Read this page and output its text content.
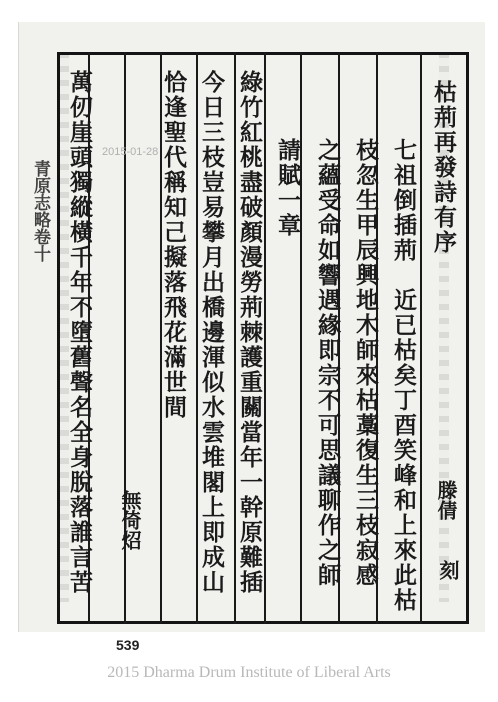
枯荊再發詩有序
七祖倒插荊　近已枯矣丁酉笑峰和上來此枯
枝忽生甲辰興地木師來枯藁復生三枝寂感
之蘊受命如響遇緣即宗不可思議聊作之師
請賦一章
綠竹紅桃盡破顏漫勞荊棘護重關當年一幹原難插
今日三枝豈易攀月出橋邊渾似水雲堆閣上即成山
恰逢聖代稱知己擬落飛花滿世間
萬仞崖頭獨縱橫千年不墮舊聲名全身脫落誰言苦	滕倩
刻
無倚炤
青原志略卷十
2015-01-28
539
2015 Dharma Drum Institute of Liberal Arts
